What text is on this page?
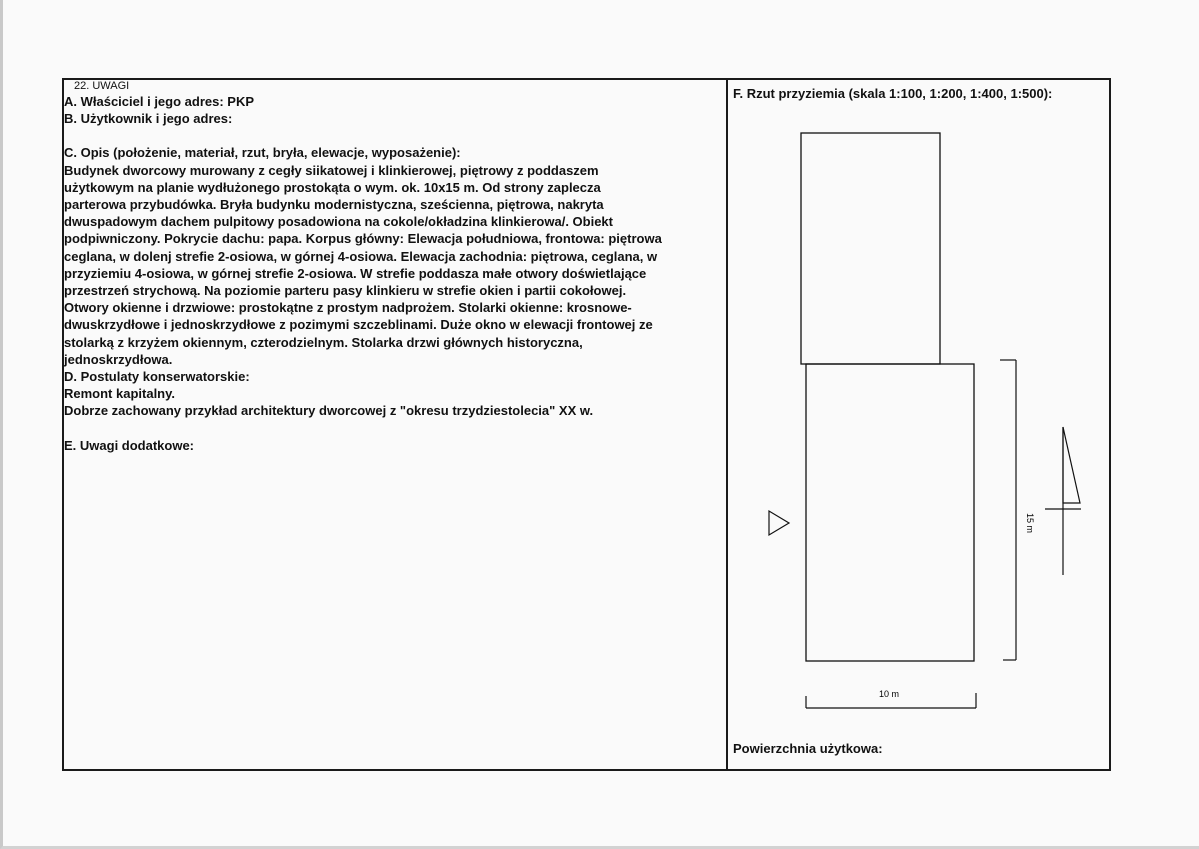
22. UWAGI
A. Właściciel i jego adres: PKP
B. Użytkownik i jego adres:
C. Opis (położenie, materiał, rzut, bryła, elewacje, wyposażenie):
Budynek dworcowy murowany z cegły siikatowej i klinkierowej, piętrowy z poddaszem
użytkowym na planie wydłużonego prostokąta o wym. ok. 10x15 m. Od strony zaplecza
parterowa przybudówka. Bryła budynku modernistyczna, sześcienna, piętrowa, nakryta
dwuspadowym dachem pulpitowy posadowiona na cokole/okładzina klinkierowa/. Obiekt
podpiwniczony. Pokrycie dachu: papa. Korpus główny: Elewacja południowa, frontowa: piętrowa
ceglana, w dolenj strefie 2-osiowa, w górnej 4-osiowa. Elewacja zachodnia: piętrowa, ceglana, w
przyziemiu 4-osiowa, w górnej strefie 2-osiowa. W strefie poddasza małe otwory doświetlające
przestrzeń strychową. Na poziomie parteru pasy klinkieru w strefie okien i partii cokołowej.
Otwory okienne i drzwiowe: prostokątne z prostym nadprożem. Stolarki okienne: krosnowe-
dwuskrzydłowe i jednoskrzydłowe z pozimymi szczeblinami. Duże okno w elewacji frontowej ze
stolarką z krzyżem okiennym, czterodzielnym. Stolarka drzwi głównych historyczna,
jednoskrzydłowa.
D. Postulaty konserwatorskie:
Remont kapitalny.
Dobrze zachowany przykład architektury dworcowej z "okresu trzydziestolecia" XX w.
E. Uwagi dodatkowe:
F. Rzut przyziemia (skala 1:100, 1:200, 1:400, 1:500):
15 m
10 m
Powierzchnia użytkowa:
